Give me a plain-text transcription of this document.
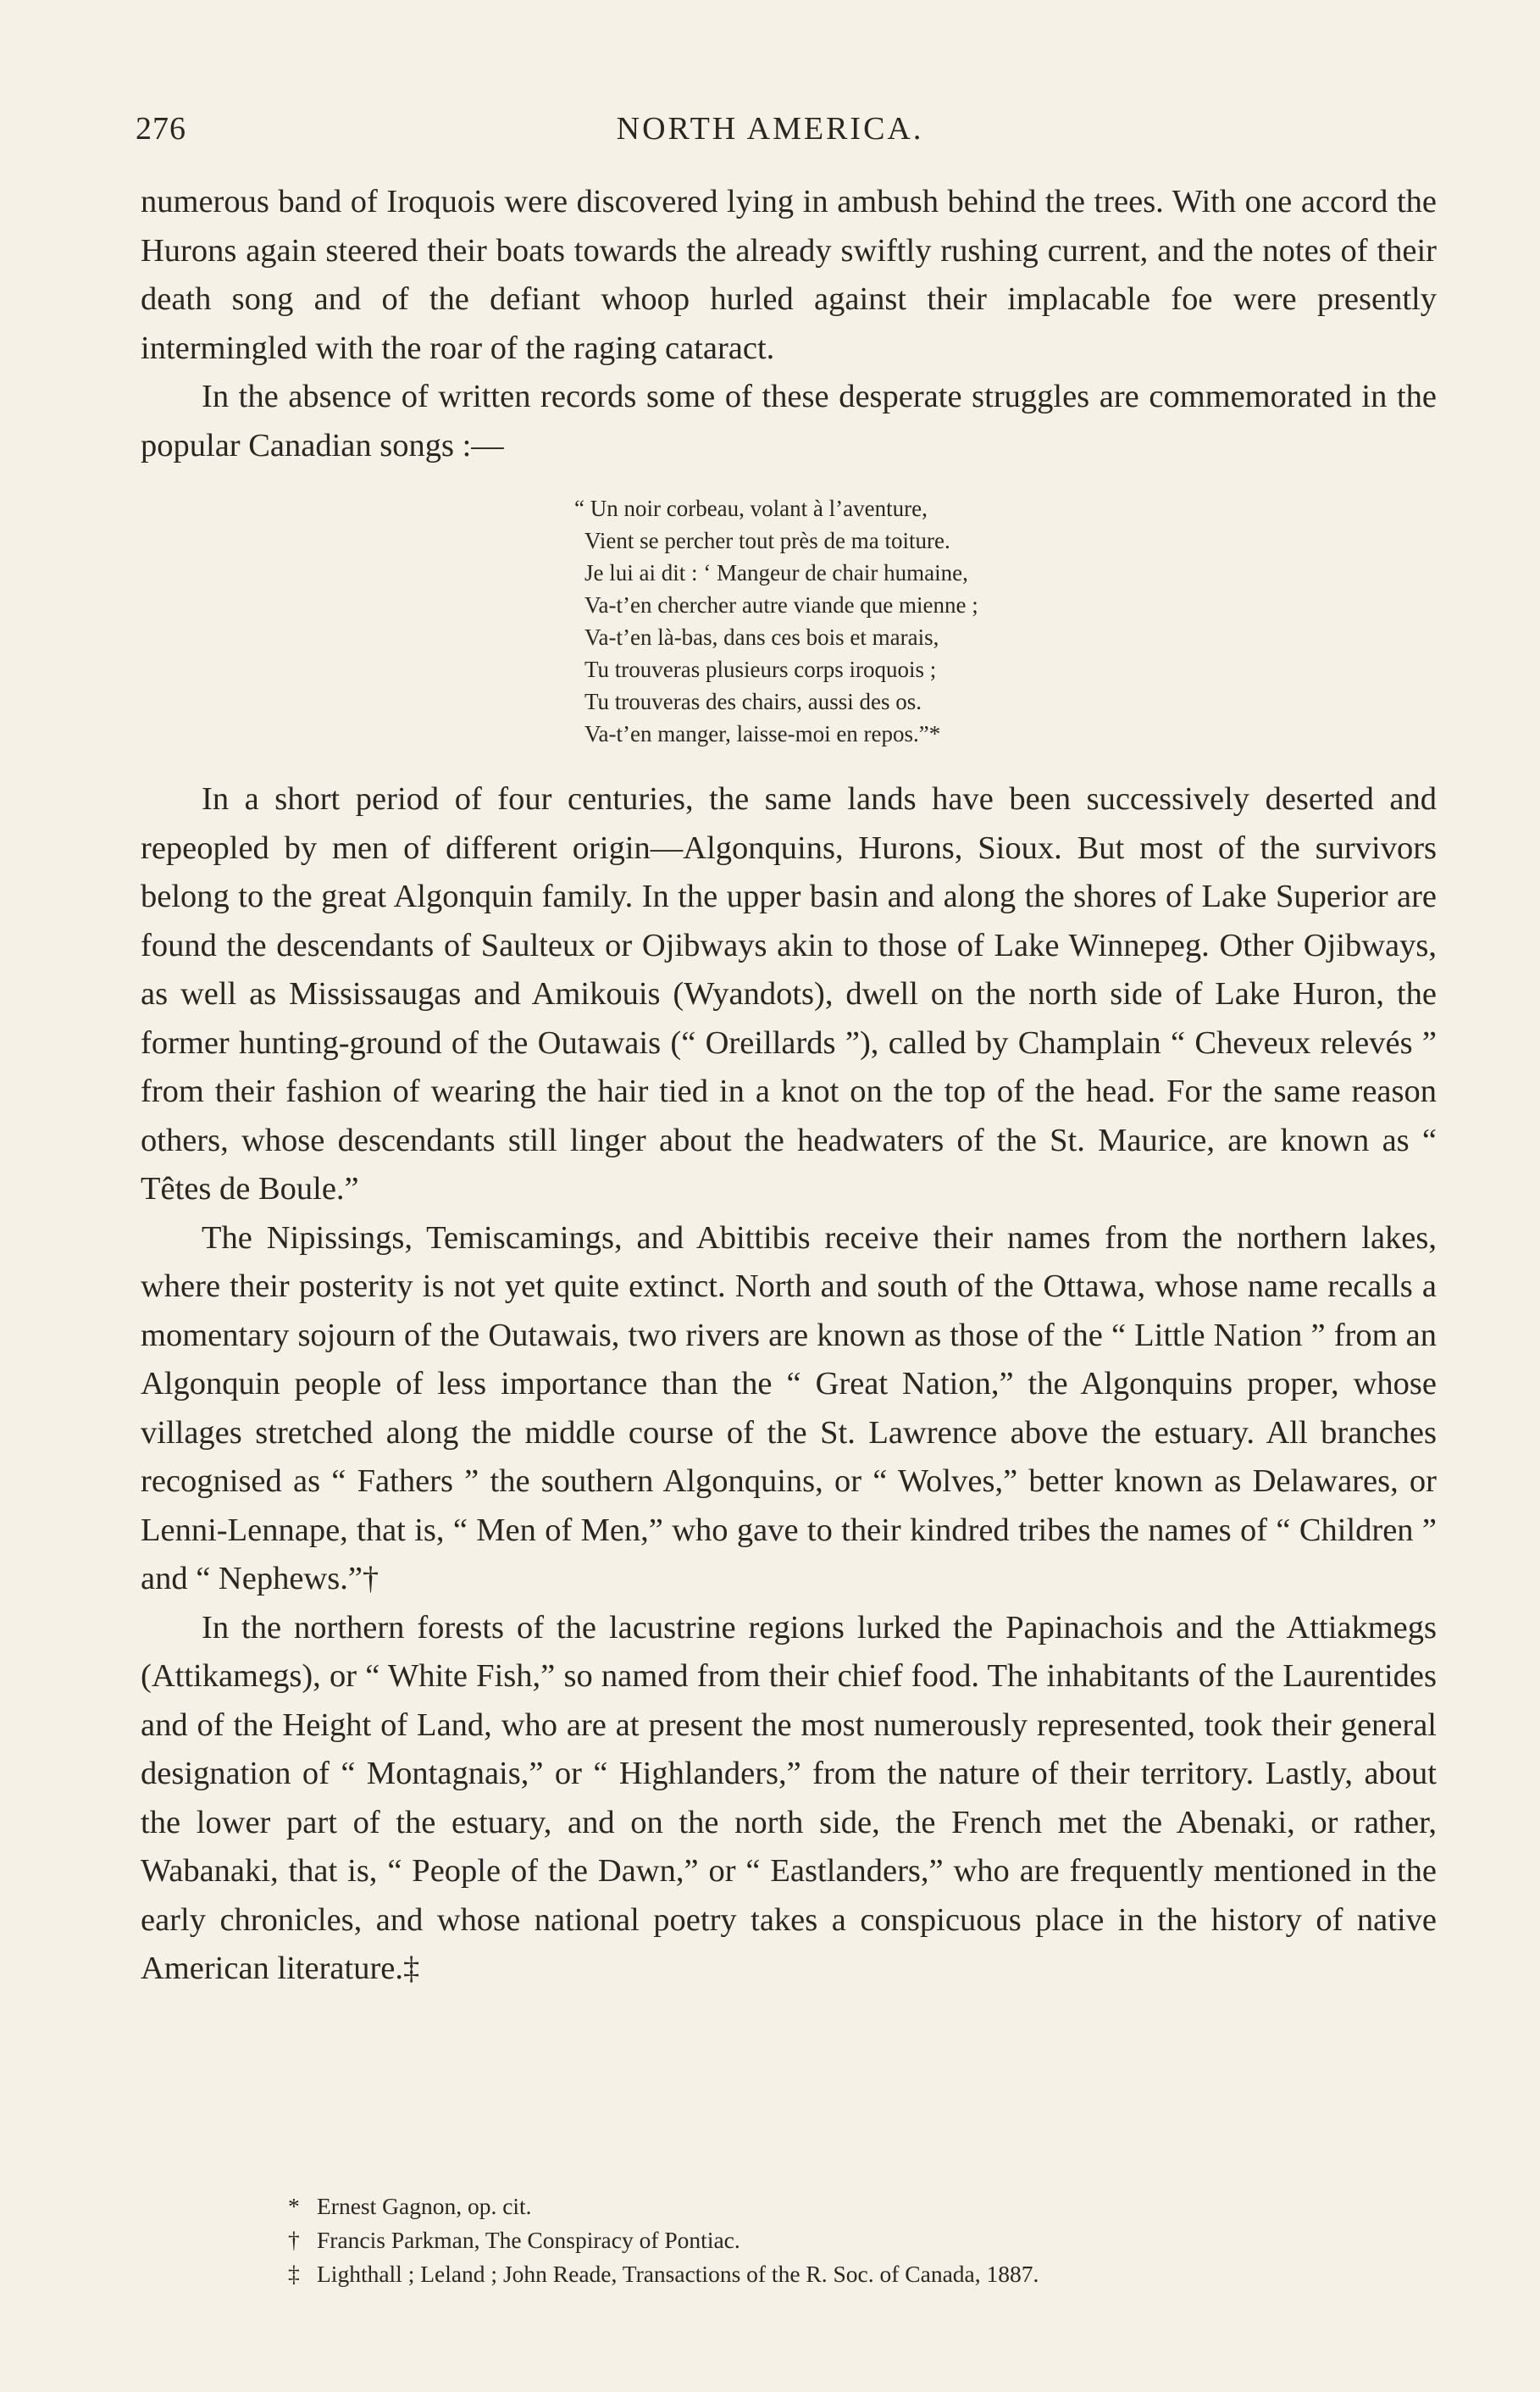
276	NORTH AMERICA.

numerous band of Iroquois were discovered lying in ambush behind the trees. With one accord the Hurons again steered their boats towards the already swiftly rushing current, and the notes of their death song and of the defiant whoop hurled against their implacable foe were presently intermingled with the roar of the raging cataract.

In the absence of written records some of these desperate struggles are commemorated in the popular Canadian songs :—

“ Un noir corbeau, volant à l’aventure,
Vient se percher tout près de ma toiture.
Je lui ai dit : ‘ Mangeur de chair humaine,
Va-t’en chercher autre viande que mienne ;
Va-t’en là-bas, dans ces bois et marais,
Tu trouveras plusieurs corps iroquois ;
Tu trouveras des chairs, aussi des os.
Va-t’en manger, laisse-moi en repos.”*

In a short period of four centuries, the same lands have been successively deserted and repeopled by men of different origin—Algonquins, Hurons, Sioux. But most of the survivors belong to the great Algonquin family. In the upper basin and along the shores of Lake Superior are found the descendants of Saulteux or Ojibways akin to those of Lake Winnepeg. Other Ojibways, as well as Mississaugas and Amikouis (Wyandots), dwell on the north side of Lake Huron, the former hunting-ground of the Outawais (“ Oreillards ”), called by Champlain “ Cheveux relevés ” from their fashion of wearing the hair tied in a knot on the top of the head. For the same reason others, whose descendants still linger about the headwaters of the St. Maurice, are known as “ Têtes de Boule.”

The Nipissings, Temiscamings, and Abittibis receive their names from the northern lakes, where their posterity is not yet quite extinct. North and south of the Ottawa, whose name recalls a momentary sojourn of the Outawais, two rivers are known as those of the “ Little Nation ” from an Algonquin people of less importance than the “ Great Nation,” the Algonquins proper, whose villages stretched along the middle course of the St. Lawrence above the estuary. All branches recognised as “ Fathers ” the southern Algonquins, or “ Wolves,” better known as Delawares, or Lenni-Lennape, that is, “ Men of Men,” who gave to their kindred tribes the names of “ Children ” and “ Nephews.”†

In the northern forests of the lacustrine regions lurked the Papinachois and the Attiakmegs (Attikamegs), or “ White Fish,” so named from their chief food. The inhabitants of the Laurentides and of the Height of Land, who are at present the most numerously represented, took their general designation of “ Montagnais,” or “ Highlanders,” from the nature of their territory. Lastly, about the lower part of the estuary, and on the north side, the French met the Abenaki, or rather, Wabanaki, that is, “ People of the Dawn,” or “ Eastlanders,” who are frequently mentioned in the early chronicles, and whose national poetry takes a conspicuous place in the history of native American literature.‡

* Ernest Gagnon, op. cit.
† Francis Parkman, The Conspiracy of Pontiac.
‡ Lighthall ; Leland ; John Reade, Transactions of the R. Soc. of Canada, 1887.
